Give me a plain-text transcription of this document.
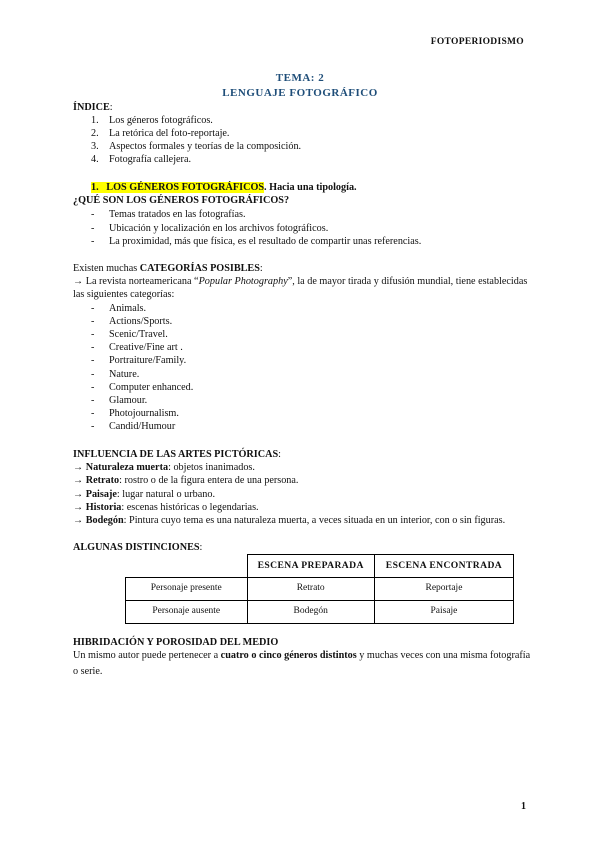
FOTOPERIODISMO
TEMA: 2
LENGUAJE FOTOGRÁFICO
ÍNDICE:
1. Los géneros fotográficos.
2. La retórica del foto-reportaje.
3. Aspectos formales y teorías de la composición.
4. Fotografía callejera.
1. LOS GÉNEROS FOTOGRÁFICOS. Hacia una tipología.
¿QUÉ SON LOS GÉNEROS FOTOGRÁFICOS?
- Temas tratados en las fotografías.
- Ubicación y localización en los archivos fotográficos.
- La proximidad, más que física, es el resultado de compartir unas referencias.
Existen muchas CATEGORÍAS POSIBLES:
→ La revista norteamericana “Popular Photography”, la de mayor tirada y difusión mundial, tiene establecidas
las siguientes categorías:
- Animals.
- Actions/Sports.
- Scenic/Travel.
- Creative/Fine art .
- Portraiture/Family.
- Nature.
- Computer enhanced.
- Glamour.
- Photojournalism.
- Candid/Humour
INFLUENCIA DE LAS ARTES PICTÓRICAS:
→ Naturaleza muerta: objetos inanimados.
→ Retrato: rostro o de la figura entera de una persona.
→ Paisaje: lugar natural o urbano.
→ Historia: escenas históricas o legendarias.
→ Bodegón: Pintura cuyo tema es una naturaleza muerta, a veces situada en un interior, con o sin figuras.
ALGUNAS DISTINCIONES:
	ESCENA PREPARADA	ESCENA ENCONTRADA
Personaje presente	Retrato	Reportaje
Personaje ausente	Bodegón	Paisaje
HIBRIDACIÓN Y POROSIDAD DEL MEDIO
Un mismo autor puede pertenecer a cuatro o cinco géneros distintos y muchas veces con una misma fotografía
o serie.
1
